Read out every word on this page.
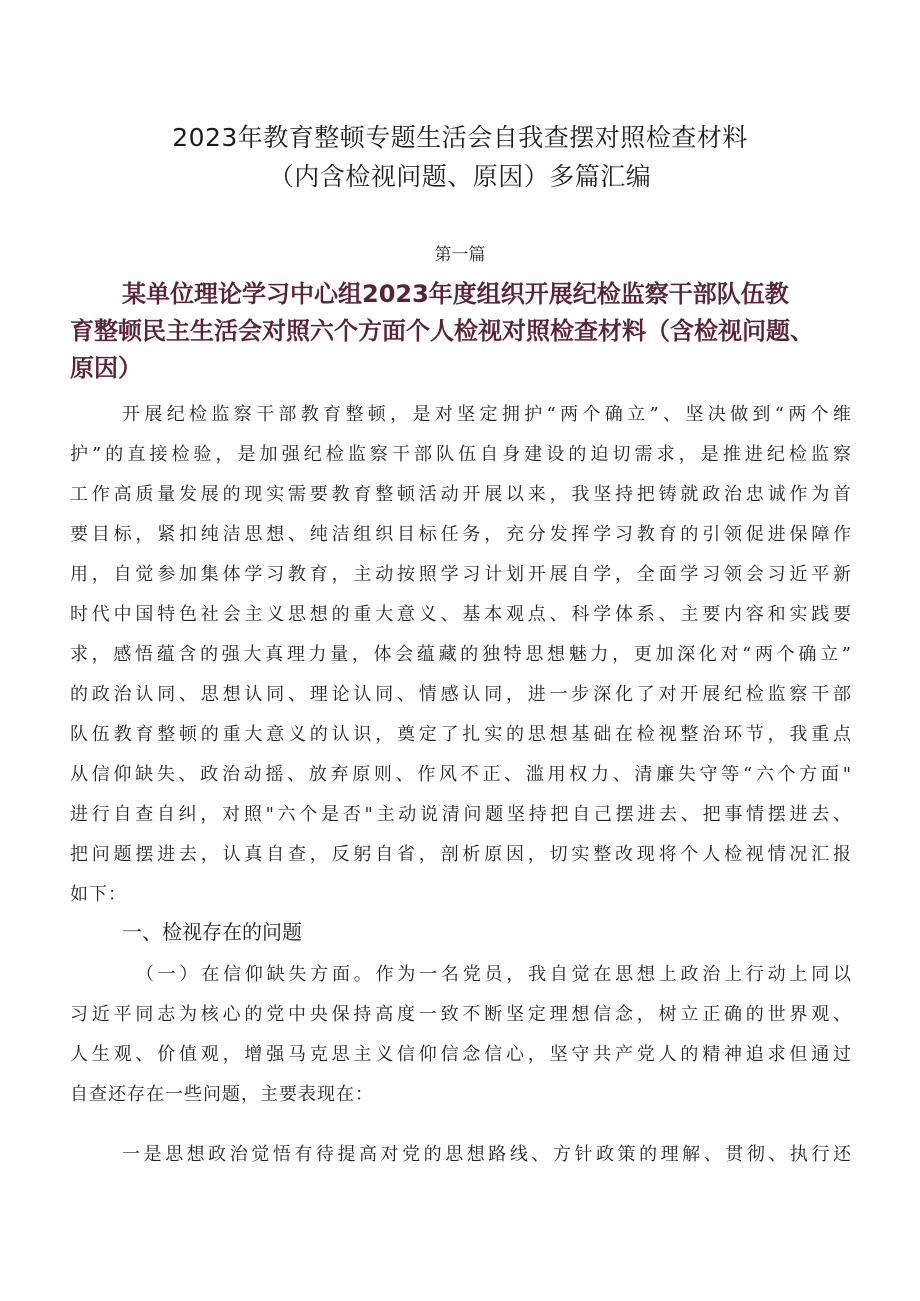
2023年教育整顿专题生活会自我查摆对照检查材料
（内含检视问题、原因）多篇汇编
第一篇
某单位理论学习中心组2023年度组织开展纪检监察干部队伍教
育整顿民主生活会对照六个方面个人检视对照检查材料（含检视问题、
原因）
开展纪检监察干部教育整顿，是对坚定拥护“两个确立”、坚决做到“两个维
护”的直接检验，是加强纪检监察干部队伍自身建设的迫切需求，是推进纪检监察
工作高质量发展的现实需要教育整顿活动开展以来，我坚持把铸就政治忠诚作为首
要目标，紧扣纯洁思想、纯洁组织目标任务，充分发挥学习教育的引领促进保障作
用，自觉参加集体学习教育，主动按照学习计划开展自学，全面学习领会习近平新
时代中国特色社会主义思想的重大意义、基本观点、科学体系、主要内容和实践要
求，感悟蕴含的强大真理力量，体会蕴藏的独特思想魅力，更加深化对“两个确立”
的政治认同、思想认同、理论认同、情感认同，进一步深化了对开展纪检监察干部
队伍教育整顿的重大意义的认识，奠定了扎实的思想基础在检视整治环节，我重点
从信仰缺失、政治动摇、放弃原则、作风不正、滥用权力、清廉失守等“六个方面"
进行自查自纠，对照"六个是否"主动说清问题坚持把自己摆进去、把事情摆进去、
把问题摆进去，认真自查，反躬自省，剖析原因，切实整改现将个人检视情况汇报
如下：
一、检视存在的问题
（一）在信仰缺失方面。作为一名党员，我自觉在思想上政治上行动上同以
习近平同志为核心的党中央保持高度一致不断坚定理想信念，树立正确的世界观、
人生观、价值观，增强马克思主义信仰信念信心，坚守共产党人的精神追求但通过
自查还存在一些问题，主要表现在：
一是思想政治觉悟有待提高对党的思想路线、方针政策的理解、贯彻、执行还
